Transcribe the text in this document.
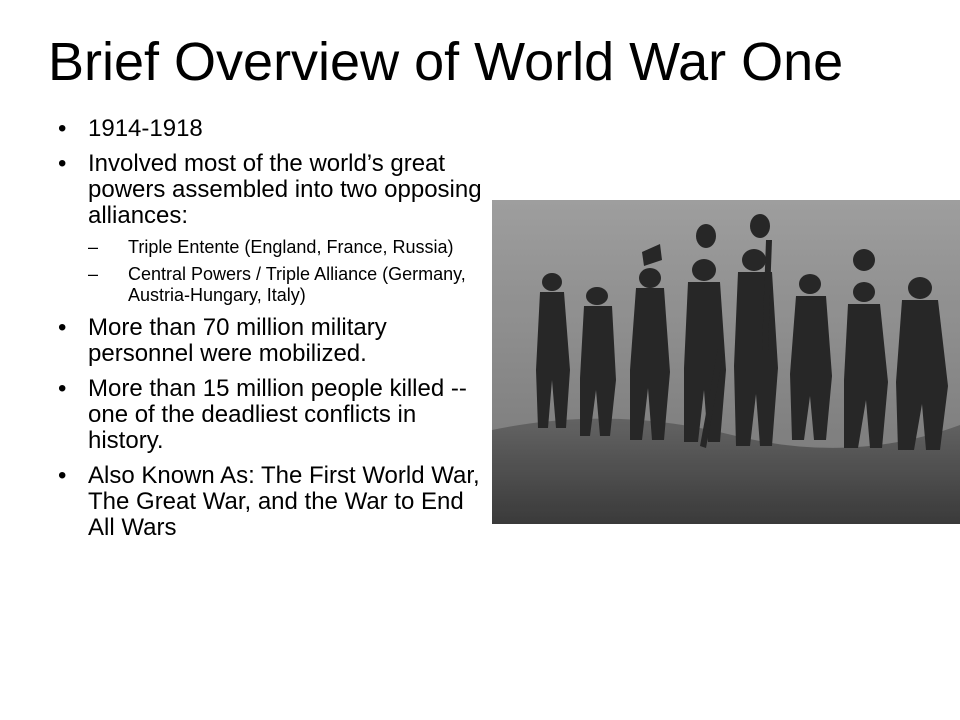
Brief Overview of World War One
• 1914-1918
• Involved most of the world’s great powers assembled into two opposing alliances:
– Triple Entente (England, France, Russia)
– Central Powers / Triple Alliance (Germany, Austria-Hungary, Italy)
• More than 70 million military personnel were mobilized.
• More than 15 million people killed -- one of the deadliest conflicts in history.
• Also Known As: The First World War, The Great War, and the War to End All Wars
